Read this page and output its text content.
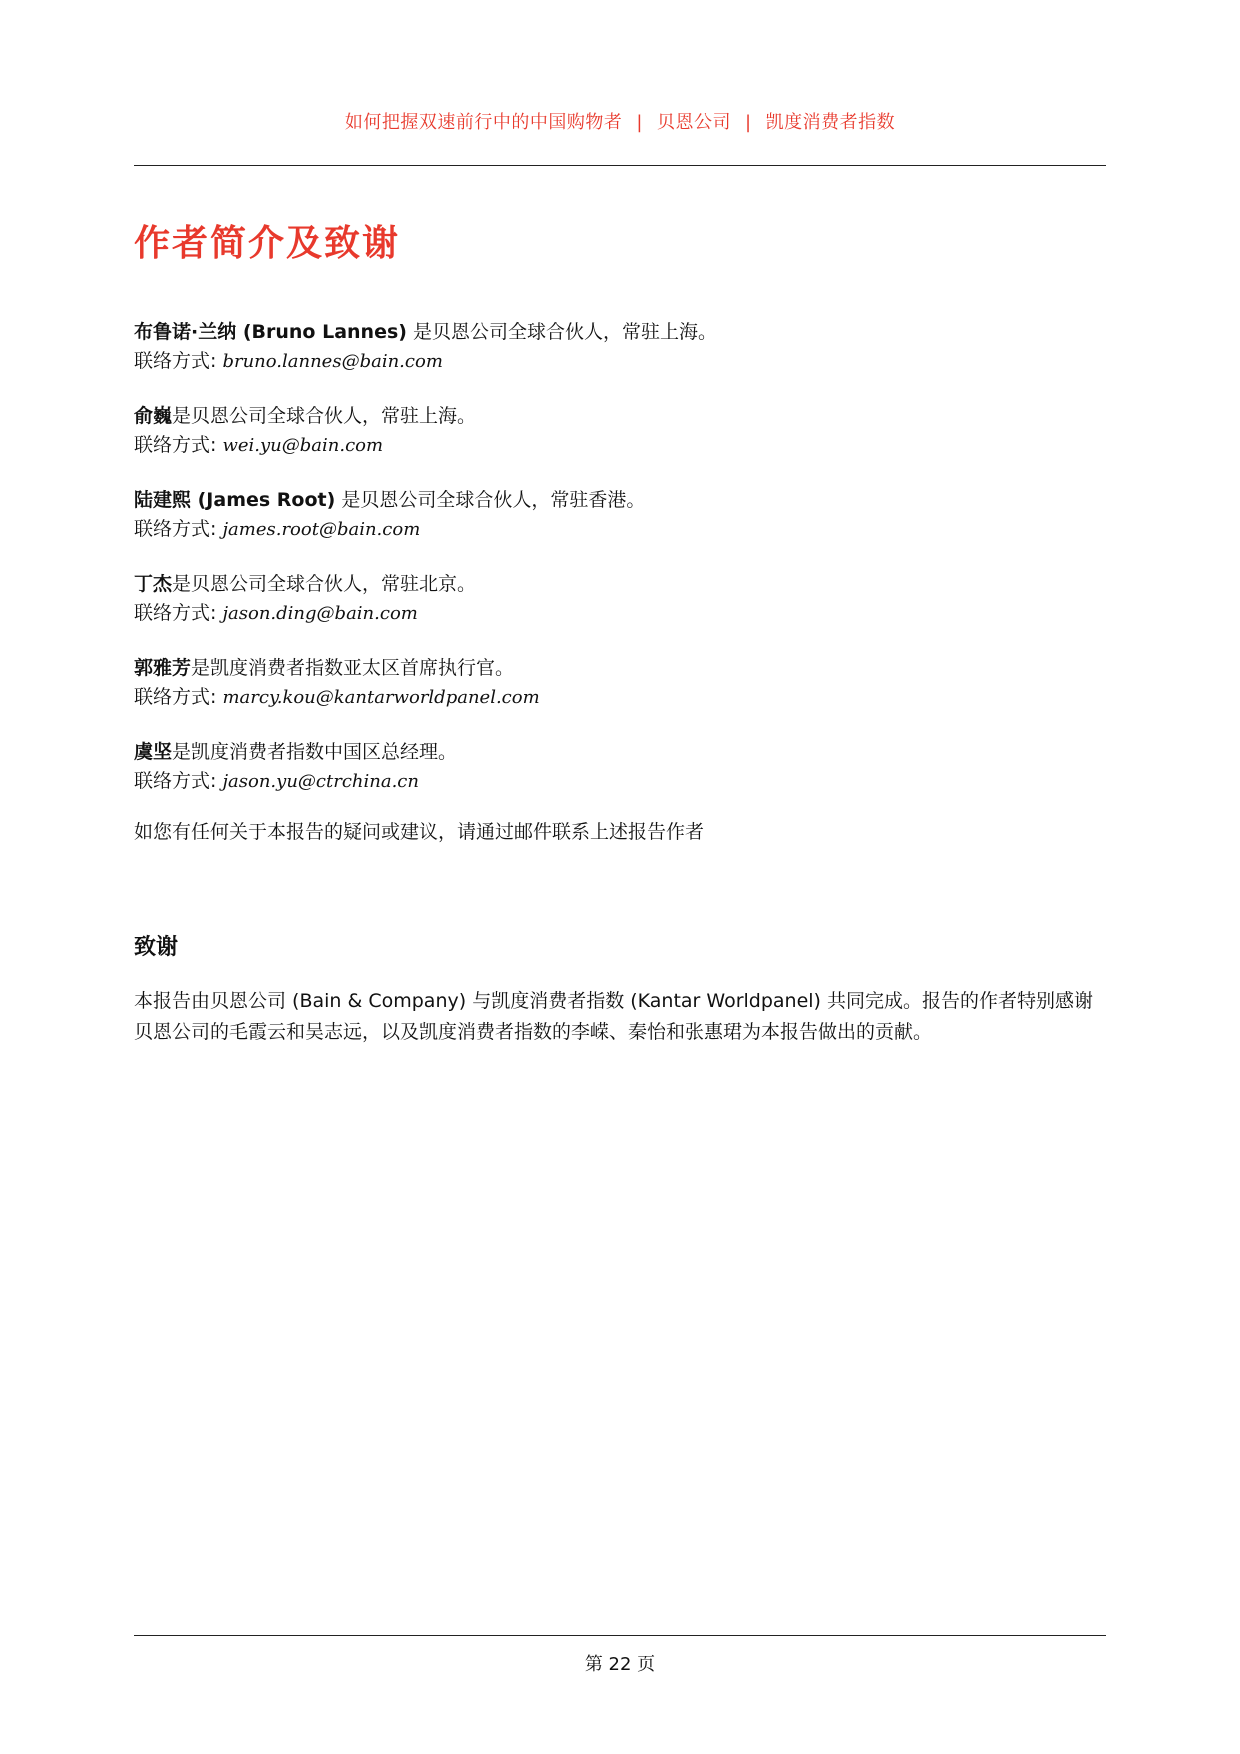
如何把握双速前行中的中国购物者 | 贝恩公司 | 凯度消费者指数
作者简介及致谢
布鲁诺·兰纳 (Bruno Lannes) 是贝恩公司全球合伙人，常驻上海。
联络方式: bruno.lannes@bain.com
俞巍是贝恩公司全球合伙人，常驻上海。
联络方式: wei.yu@bain.com
陆建熙 (James Root) 是贝恩公司全球合伙人，常驻香港。
联络方式: james.root@bain.com
丁杰是贝恩公司全球合伙人，常驻北京。
联络方式: jason.ding@bain.com
郭雅芳是凯度消费者指数亚太区首席执行官。
联络方式: marcy.kou@kantarworldpanel.com
虞坚是凯度消费者指数中国区总经理。
联络方式: jason.yu@ctrchina.cn
如您有任何关于本报告的疑问或建议，请通过邮件联系上述报告作者
致谢

本报告由贝恩公司 (Bain & Company) 与凯度消费者指数 (Kantar Worldpanel) 共同完成。报告的作者特别感谢贝恩公司的毛霞云和吴志远，以及凯度消费者指数的李嵘、秦怡和张惠珺为本报告做出的贡献。

第 22 页
